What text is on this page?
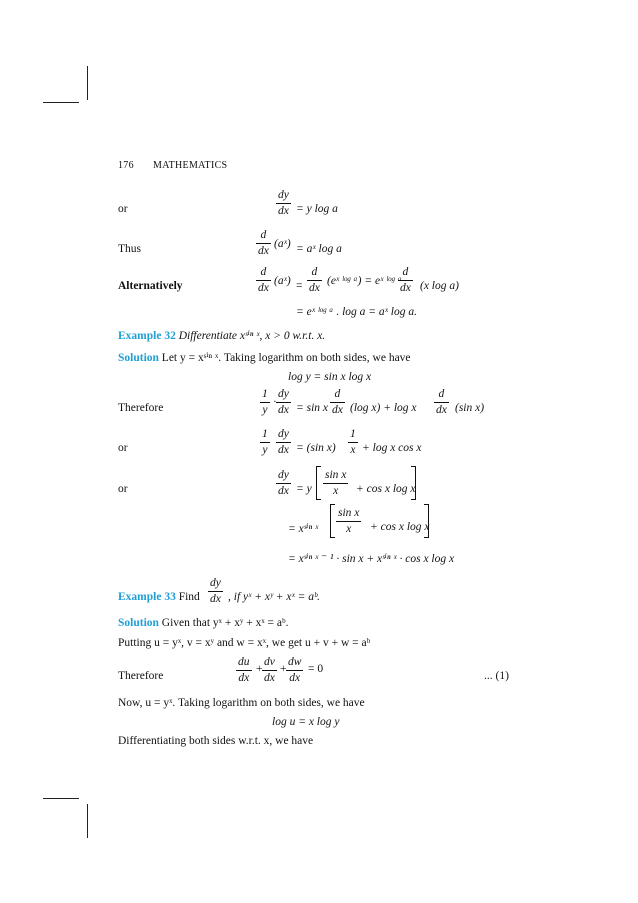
176 MATHEMATICS
or	$\frac{dy}{dx} = y$ log a
Thus	$\frac{d}{dx}$ (aˣ) = aˣ log a
Alternatively	$\frac{d}{dx}$ (aˣ) = $\frac{d}{dx}$ (eˣ ˡᵒᵍ ᵃ) = eˣ ˡᵒᵍ ᵃ
$\frac{d}{dx} (x$ log a)
= eˣ ˡᵒᵍ ᵃ . log a = aˣ log a.
Example 32 Differentiate xˢⁱⁿ ˣ, x > 0 w.r.t. x.
Solution Let y = xˢⁱⁿ ˣ. Taking logarithm on both sides, we have
log y = sin x log x
Therefore	$\frac{1}{y} \cdot \frac{dy}{dx} = \sin x \frac{d}{dx} (\log$ x) + log x $\frac{d}{dx} (\sin$ x)
or	$\frac{1}{y} \frac{dy}{dx} = (\sin$ $x) \frac{1}{x} + \log x$ cos x
or	$\frac{dy}{dx} = y \frac{\text{sin x}}{x} + \cos x$ log x
= xˢⁱⁿ ˣ $\frac{\text{sin x}}{x} + \cos x$ log x
= xˢⁱⁿ ˣ ⁻ ¹ · sin x + xˢⁱⁿ ˣ · cos x log x
Example 33 Find $\frac{dy}{dx}$ , if yˣ + xʸ + xˣ = aᵇ.
Solution Given that yˣ + xʸ + xˣ = aᵇ.
Putting u = yˣ, v = xʸ and w = xˣ, we get u + v + w = aᵇ
Therefore	$\frac{du}{dx} + \frac{dv}{dx} + \frac{dw}{dx} = 0$
... (1)
Now, u = yˣ. Taking logarithm on both sides, we have
log u = x log y
Differentiating both sides w.r.t. x, we have
